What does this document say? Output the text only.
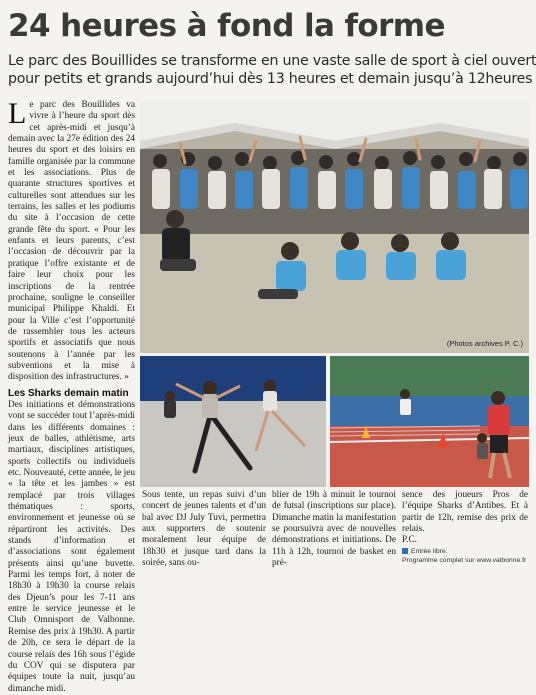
24 heures à fond la forme
Le parc des Bouillides se transforme en une vaste salle de sport à ciel ouvert
pour petits et grands aujourd’hui dès 13 heures et demain jusqu’à 12heures
L e parc des Bouillides va vivre à l’heure du sport dès cet après-midi et jusqu’à demain avec la 27e édition des 24 heures du sport et des loisirs en famille organisée par la commune et les associations. Plus de quarante structures sportives et culturelles sont attendues sur les terrains, les salles et les podiums du site à l’occasion de cette grande fête du sport. « Pour les enfants et leurs parents, c’est l’occasion de découvrir par la pratique l’offre existante et de faire leur choix pour les inscriptions de la rentrée prochaine, souligne le conseiller municipal Philippe Khaldi. Et pour la Ville c’est l’opportunité de rassembler tous les acteurs sportifs et associatifs que nous soutenons à l’année par les subventions et la mise à disposition des infrastructures. »

Les Sharks demain matin

Des initiations et démonstrations vont se succéder tout l’après-midi dans les différents domaines : jeux de balles, athlétisme, arts martiaux, disciplines artistiques, sports collectifs ou individuels etc. Nouveauté, cette année, le jeu « la tête et les jambes » est remplacé par trois villages thématiques : sports, environnement et jeunesse où se répartiront les activités. Des stands d’information et d’associations sont également présents ainsi qu’une buvette. Parmi les temps fort, à noter de 18h30 à 19h30 la course relais des Djeun’s pour les 7-11 ans entre le service jeunesse et le Club Omnisport de Valbonne. Remise des prix à 19h30. A partir de 20h, ce sera le départ de la course relais des 16h sous l’égide du COV qui se disputera par équipes toute la nuit, jusqu’au dimanche midi.

(Photos archives P. C.)
Sous tente, un repas suivi d’un concert de jeunes talents et d’un bal avec DJ July Tuvi, permettra aux supporters de soutenir moralement leur équipe de 18h30 et jusque tard dans la soirée, sans ou-
blier de 19h à minuit le tournoi de futsal (inscriptions sur place). Dimanche matin la manifestation se poursuivra avec de nouvelles démonstrations et initiations. De 11h à 12h, tournoi de basket en pré-
sence des joueurs Pros de l’équipe Sharks d’Antibes. Et à partir de 12h, remise des prix de relais.
P.C.
Entrée libre.
Programme complet sur www.valbonne.fr
